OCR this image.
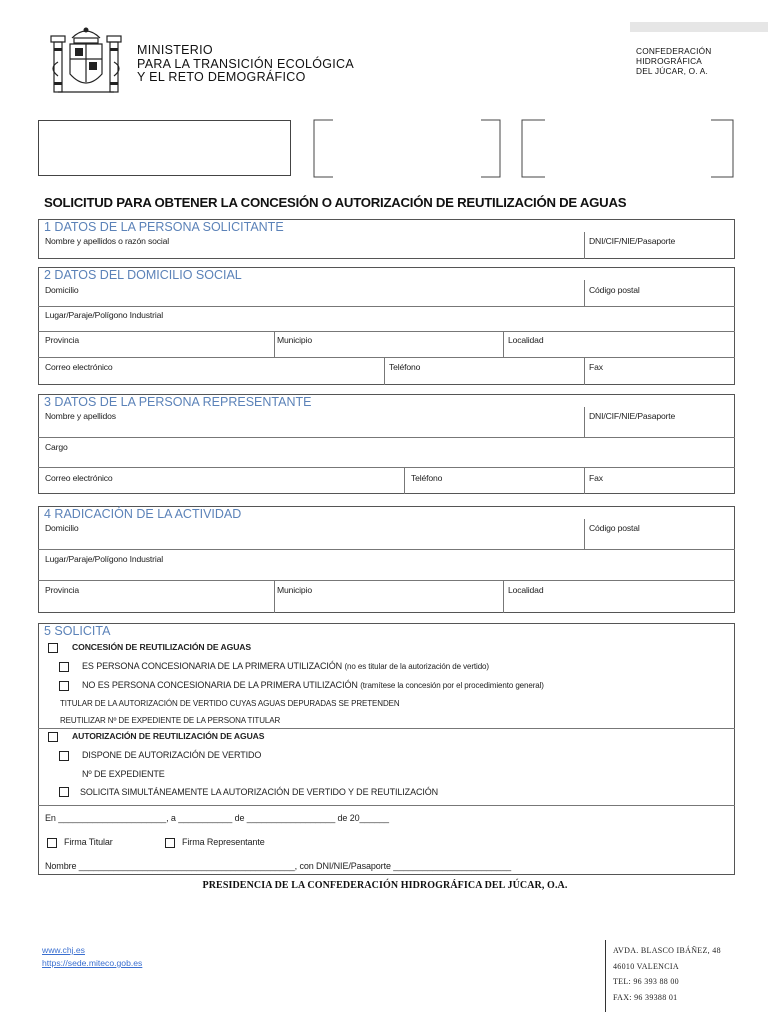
MINISTERIO
PARA LA TRANSICIÓN ECOLÓGICA
Y EL RETO DEMOGRÁFICO
CONFEDERACIÓN
HIDROGRÁFICA
DEL JÚCAR, O. A.
SOLICITUD PARA OBTENER LA CONCESIÓN O AUTORIZACIÓN DE REUTILIZACIÓN DE AGUAS
1 DATOS DE LA PERSONA SOLICITANTE
Nombre y apellidos o razón social	DNI/CIF/NIE/Pasaporte
2 DATOS DEL DOMICILIO SOCIAL
Domicilio	Código postal
Lugar/Paraje/Polígono Industrial
Provincia	Municipio	Localidad
Correo electrónico	Teléfono	Fax
3 DATOS DE LA PERSONA REPRESENTANTE
Nombre y apellidos	DNI/CIF/NIE/Pasaporte
Cargo
Correo electrónico	Teléfono	Fax
4 RADICACIÓN DE LA ACTIVIDAD
Domicilio	Código postal
Lugar/Paraje/Polígono Industrial
Provincia	Municipio	Localidad
5 SOLICITA
CONCESIÓN DE REUTILIZACIÓN DE AGUAS
ES PERSONA CONCESIONARIA DE LA PRIMERA UTILIZACIÓN (no es titular de la autorización de vertido)
NO ES PERSONA CONCESIONARIA DE LA PRIMERA UTILIZACIÓN (tramítese la concesión por el procedimiento general)
TITULAR DE LA AUTORIZACIÓN DE VERTIDO CUYAS AGUAS DEPURADAS SE PRETENDEN
REUTILIZAR Nº DE EXPEDIENTE DE LA PERSONA TITULAR
AUTORIZACIÓN DE REUTILIZACIÓN DE AGUAS
DISPONE DE AUTORIZACIÓN DE VERTIDO
Nº DE EXPEDIENTE
SOLICITA SIMULTÁNEAMENTE LA AUTORIZACIÓN DE VERTIDO Y DE REUTILIZACIÓN
En ______________________, a ___________ de __________________ de 20______
Firma Titular	Firma Representante
Nombre ____________________________________________, con DNI/NIE/Pasaporte ________________________
PRESIDENCIA DE LA CONFEDERACIÓN HIDROGRÁFICA DEL JÚCAR, O.A.
www.chj.es
https://sede.miteco.gob.es
AVDA. BLASCO IBÁÑEZ, 48
46010 VALENCIA
TEL: 96 393 88 00
FAX: 96 39388 01
